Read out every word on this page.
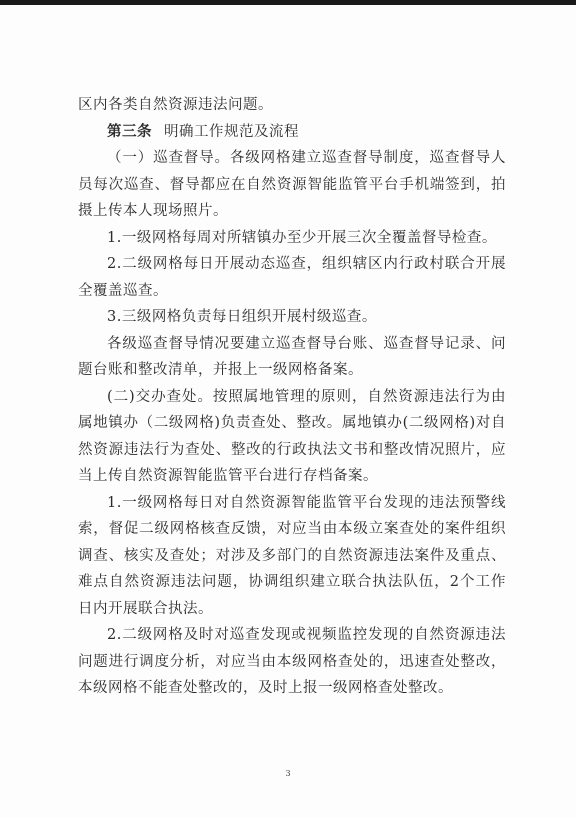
区内各类自然资源违法问题。

第三条 明确工作规范及流程

（一）巡查督导。各级网格建立巡查督导制度，巡查督导人员每次巡查、督导都应在自然资源智能监管平台手机端签到，拍摄上传本人现场照片。

1.一级网格每周对所辖镇办至少开展三次全覆盖督导检查。

2.二级网格每日开展动态巡查，组织辖区内行政村联合开展全覆盖巡查。

3.三级网格负责每日组织开展村级巡查。

各级巡查督导情况要建立巡查督导台账、巡查督导记录、问题台账和整改清单，并报上一级网格备案。

(二)交办查处。按照属地管理的原则，自然资源违法行为由属地镇办（二级网格)负责查处、整改。属地镇办(二级网格)对自然资源违法行为查处、整改的行政执法文书和整改情况照片，应当上传自然资源智能监管平台进行存档备案。

1.一级网格每日对自然资源智能监管平台发现的违法预警线索，督促二级网格核查反馈，对应当由本级立案查处的案件组织调查、核实及查处；对涉及多部门的自然资源违法案件及重点、难点自然资源违法问题，协调组织建立联合执法队伍，2个工作日内开展联合执法。

2.二级网格及时对巡查发现或视频监控发现的自然资源违法问题进行调度分析，对应当由本级网格查处的，迅速查处整改，本级网格不能查处整改的，及时上报一级网格查处整改。

3
